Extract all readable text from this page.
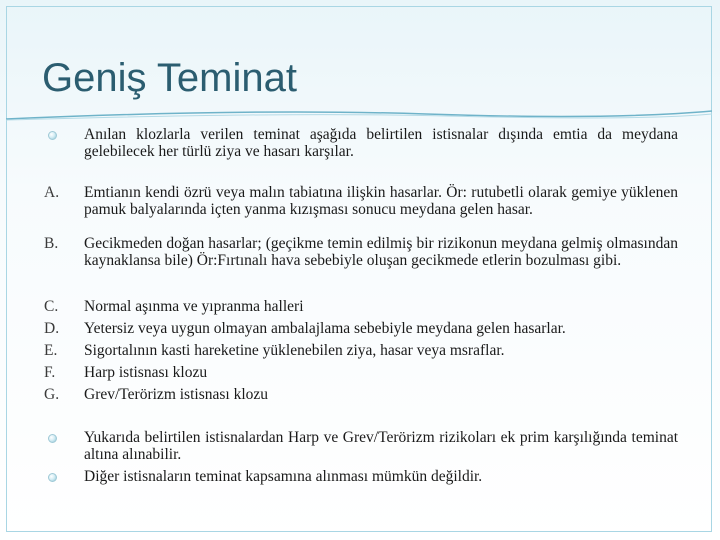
Geniş Teminat

Anılan klozlarla verilen teminat aşağıda belirtilen istisnalar dışında emtia da meydana gelebilecek her türlü ziya ve hasarı karşılar.

A. Emtianın kendi özrü veya malın tabiatına ilişkin hasarlar. Ör: rutubetli olarak gemiye yüklenen pamuk balyalarında içten yanma kızışması sonucu meydana gelen hasar.

B. Gecikmeden doğan hasarlar; (geçikme temin edilmiş bir rizikonun meydana gelmiş olmasından kaynaklansa bile) Ör:Fırtınalı hava sebebiyle oluşan gecikmede etlerin bozulması gibi.

C. Normal aşınma ve yıpranma halleri

D. Yetersiz veya uygun olmayan ambalajlama sebebiyle meydana gelen hasarlar.

E. Sigortalının kasti hareketine yüklenebilen ziya, hasar veya msraflar.

F. Harp istisnası klozu

G. Grev/Terörizm istisnası klozu

Yukarıda belirtilen istisnalardan Harp ve Grev/Terörizm rizikoları ek prim karşılığında teminat altına alınabilir.

Diğer istisnaların teminat kapsamına alınması mümkün değildir.
